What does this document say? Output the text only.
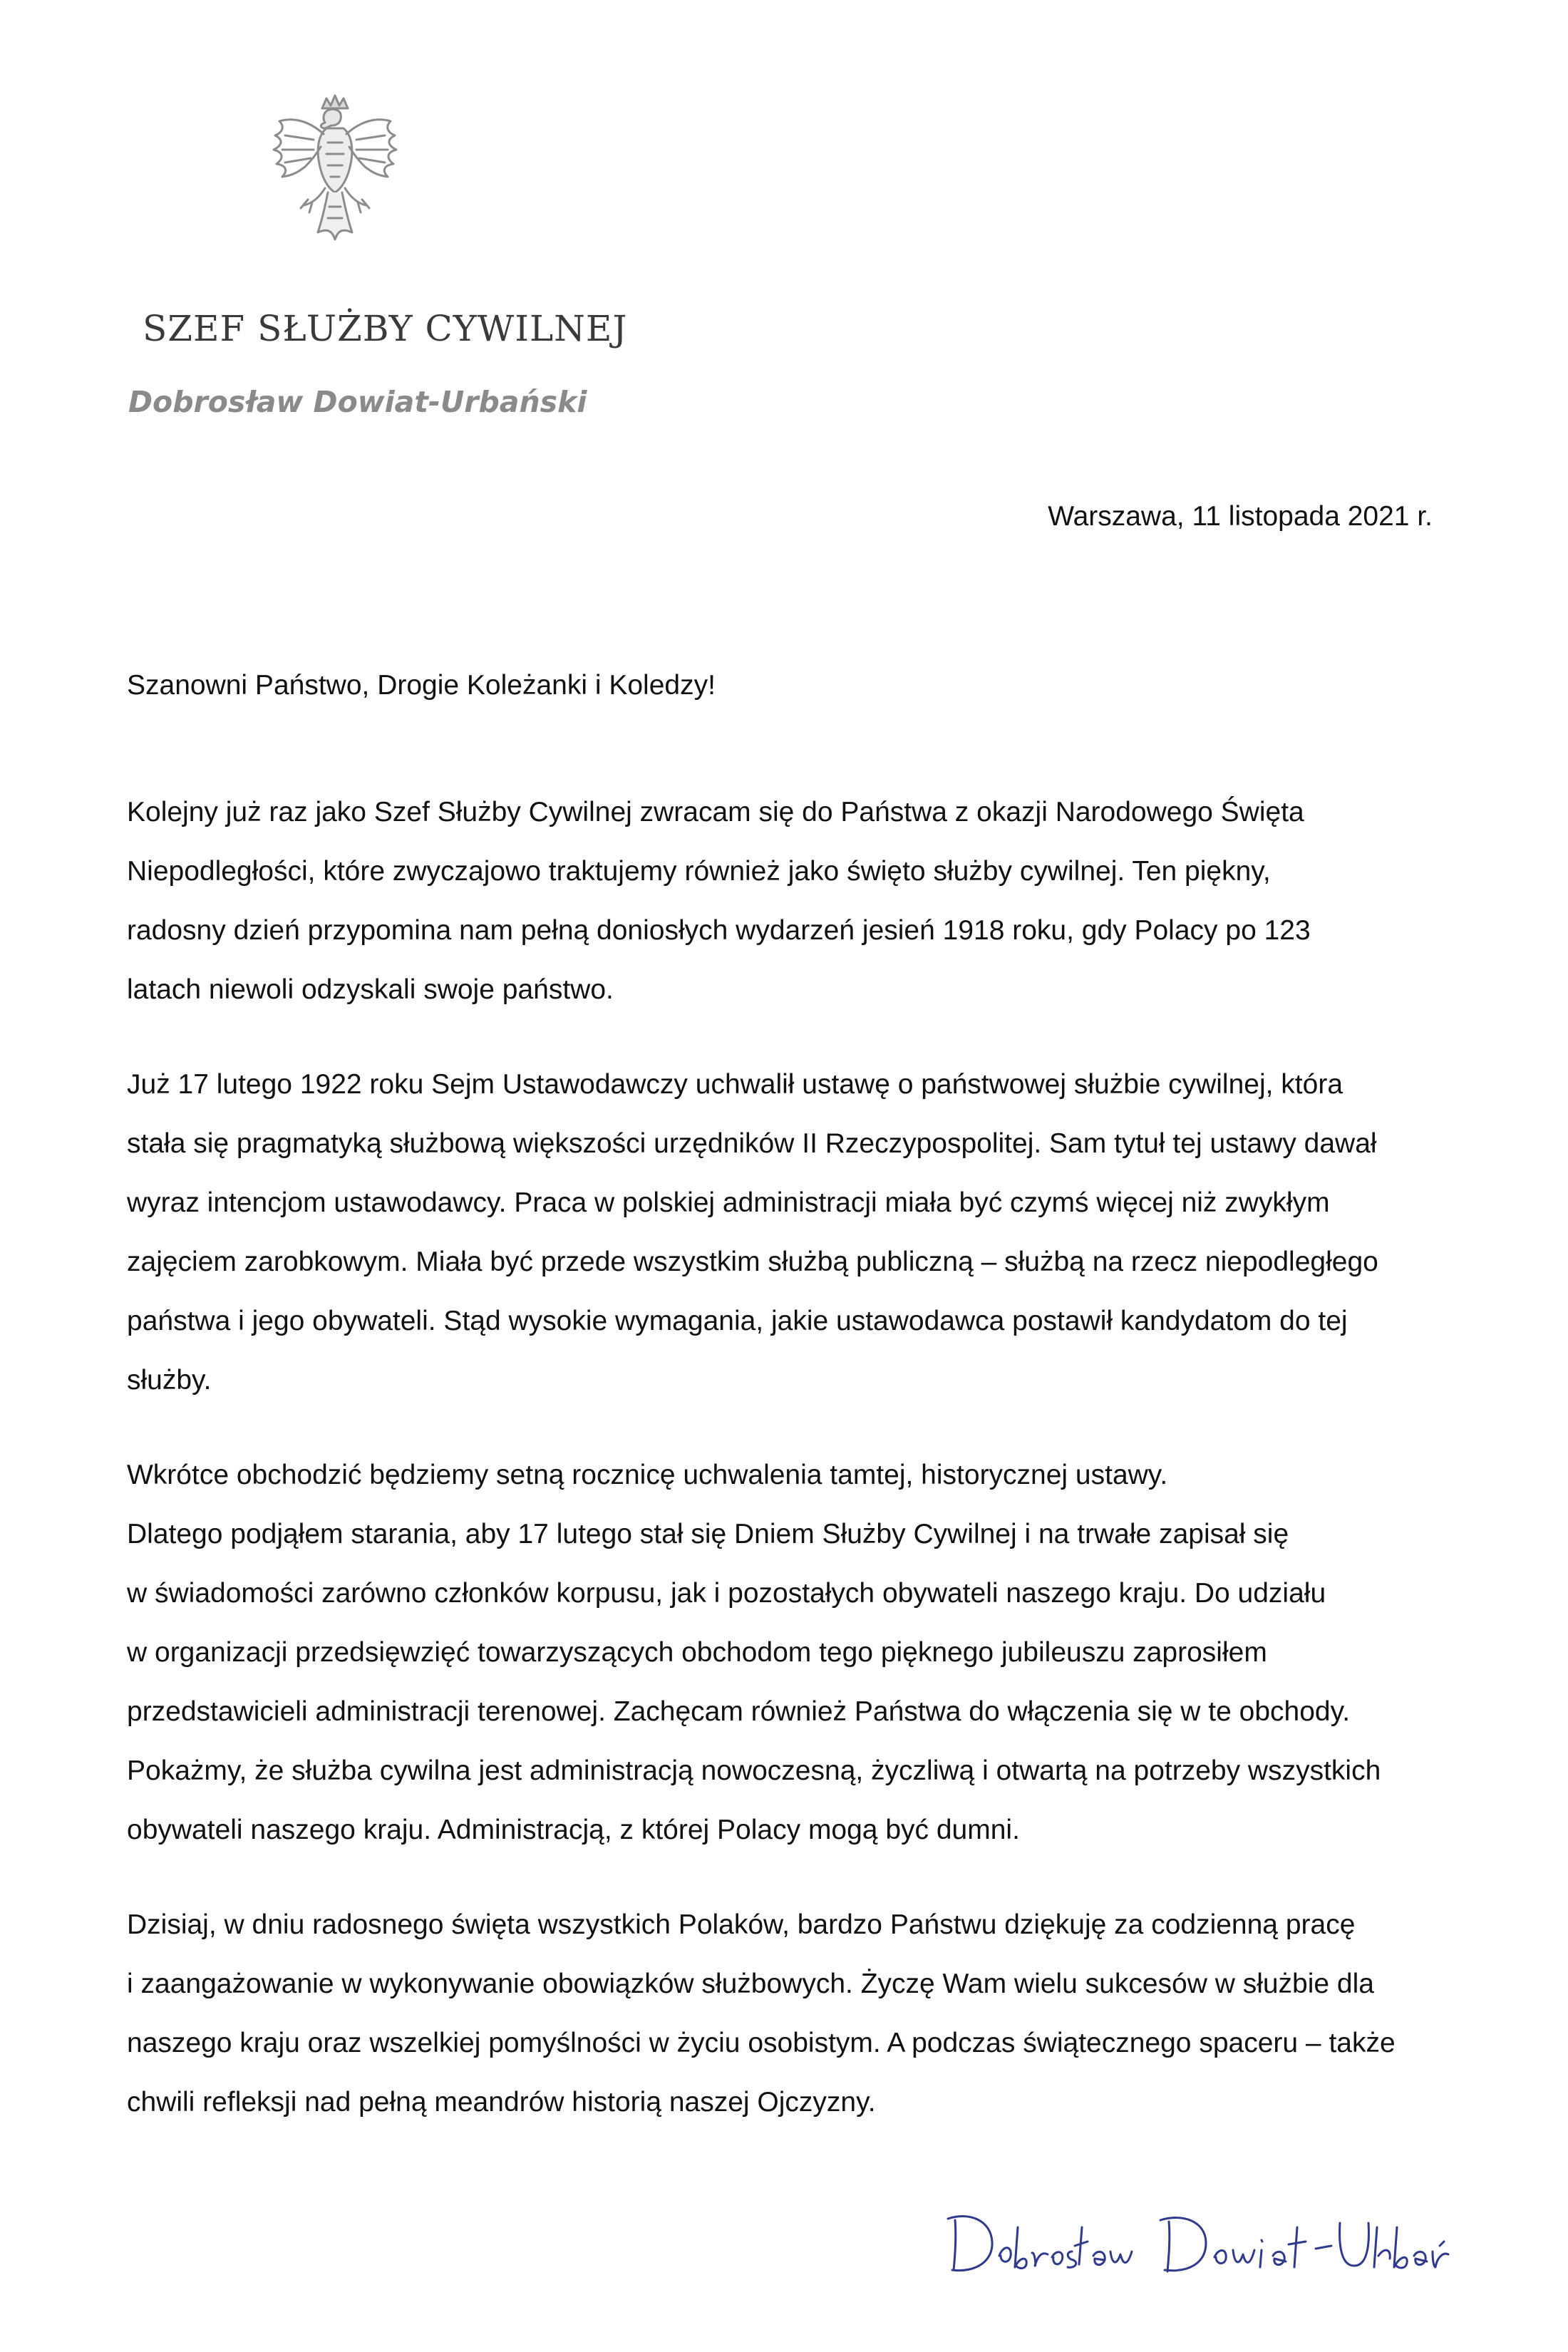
SZEF SŁUŻBY CYWILNEJ
Dobrosław Dowiat-Urbański
Warszawa, 11 listopada 2021 r.
Szanowni Państwo, Drogie Koleżanki i Koledzy!

Kolejny już raz jako Szef Służby Cywilnej zwracam się do Państwa z okazji Narodowego Święta
Niepodległości, które zwyczajowo traktujemy również jako święto służby cywilnej. Ten piękny,
radosny dzień przypomina nam pełną doniosłych wydarzeń jesień 1918 roku, gdy Polacy po 123
latach niewoli odzyskali swoje państwo.

Już 17 lutego 1922 roku Sejm Ustawodawczy uchwalił ustawę o państwowej służbie cywilnej, która
stała się pragmatyką służbową większości urzędników II Rzeczypospolitej. Sam tytuł tej ustawy dawał
wyraz intencjom ustawodawcy. Praca w polskiej administracji miała być czymś więcej niż zwykłym
zajęciem zarobkowym. Miała być przede wszystkim służbą publiczną – służbą na rzecz niepodległego
państwa i jego obywateli. Stąd wysokie wymagania, jakie ustawodawca postawił kandydatom do tej
służby.

Wkrótce obchodzić będziemy setną rocznicę uchwalenia tamtej, historycznej ustawy.
Dlatego podjąłem starania, aby 17 lutego stał się Dniem Służby Cywilnej i na trwałe zapisał się
w świadomości zarówno członków korpusu, jak i pozostałych obywateli naszego kraju. Do udziału
w organizacji przedsięwzięć towarzyszących obchodom tego pięknego jubileuszu zaprosiłem
przedstawicieli administracji terenowej. Zachęcam również Państwa do włączenia się w te obchody.
Pokażmy, że służba cywilna jest administracją nowoczesną, życzliwą i otwartą na potrzeby wszystkich
obywateli naszego kraju. Administracją, z której Polacy mogą być dumni.

Dzisiaj, w dniu radosnego święta wszystkich Polaków, bardzo Państwu dziękuję za codzienną pracę
i zaangażowanie w wykonywanie obowiązków służbowych. Życzę Wam wielu sukcesów w służbie dla
naszego kraju oraz wszelkiej pomyślności w życiu osobistym. A podczas świątecznego spaceru – także
chwili refleksji nad pełną meandrów historią naszej Ojczyzny.
